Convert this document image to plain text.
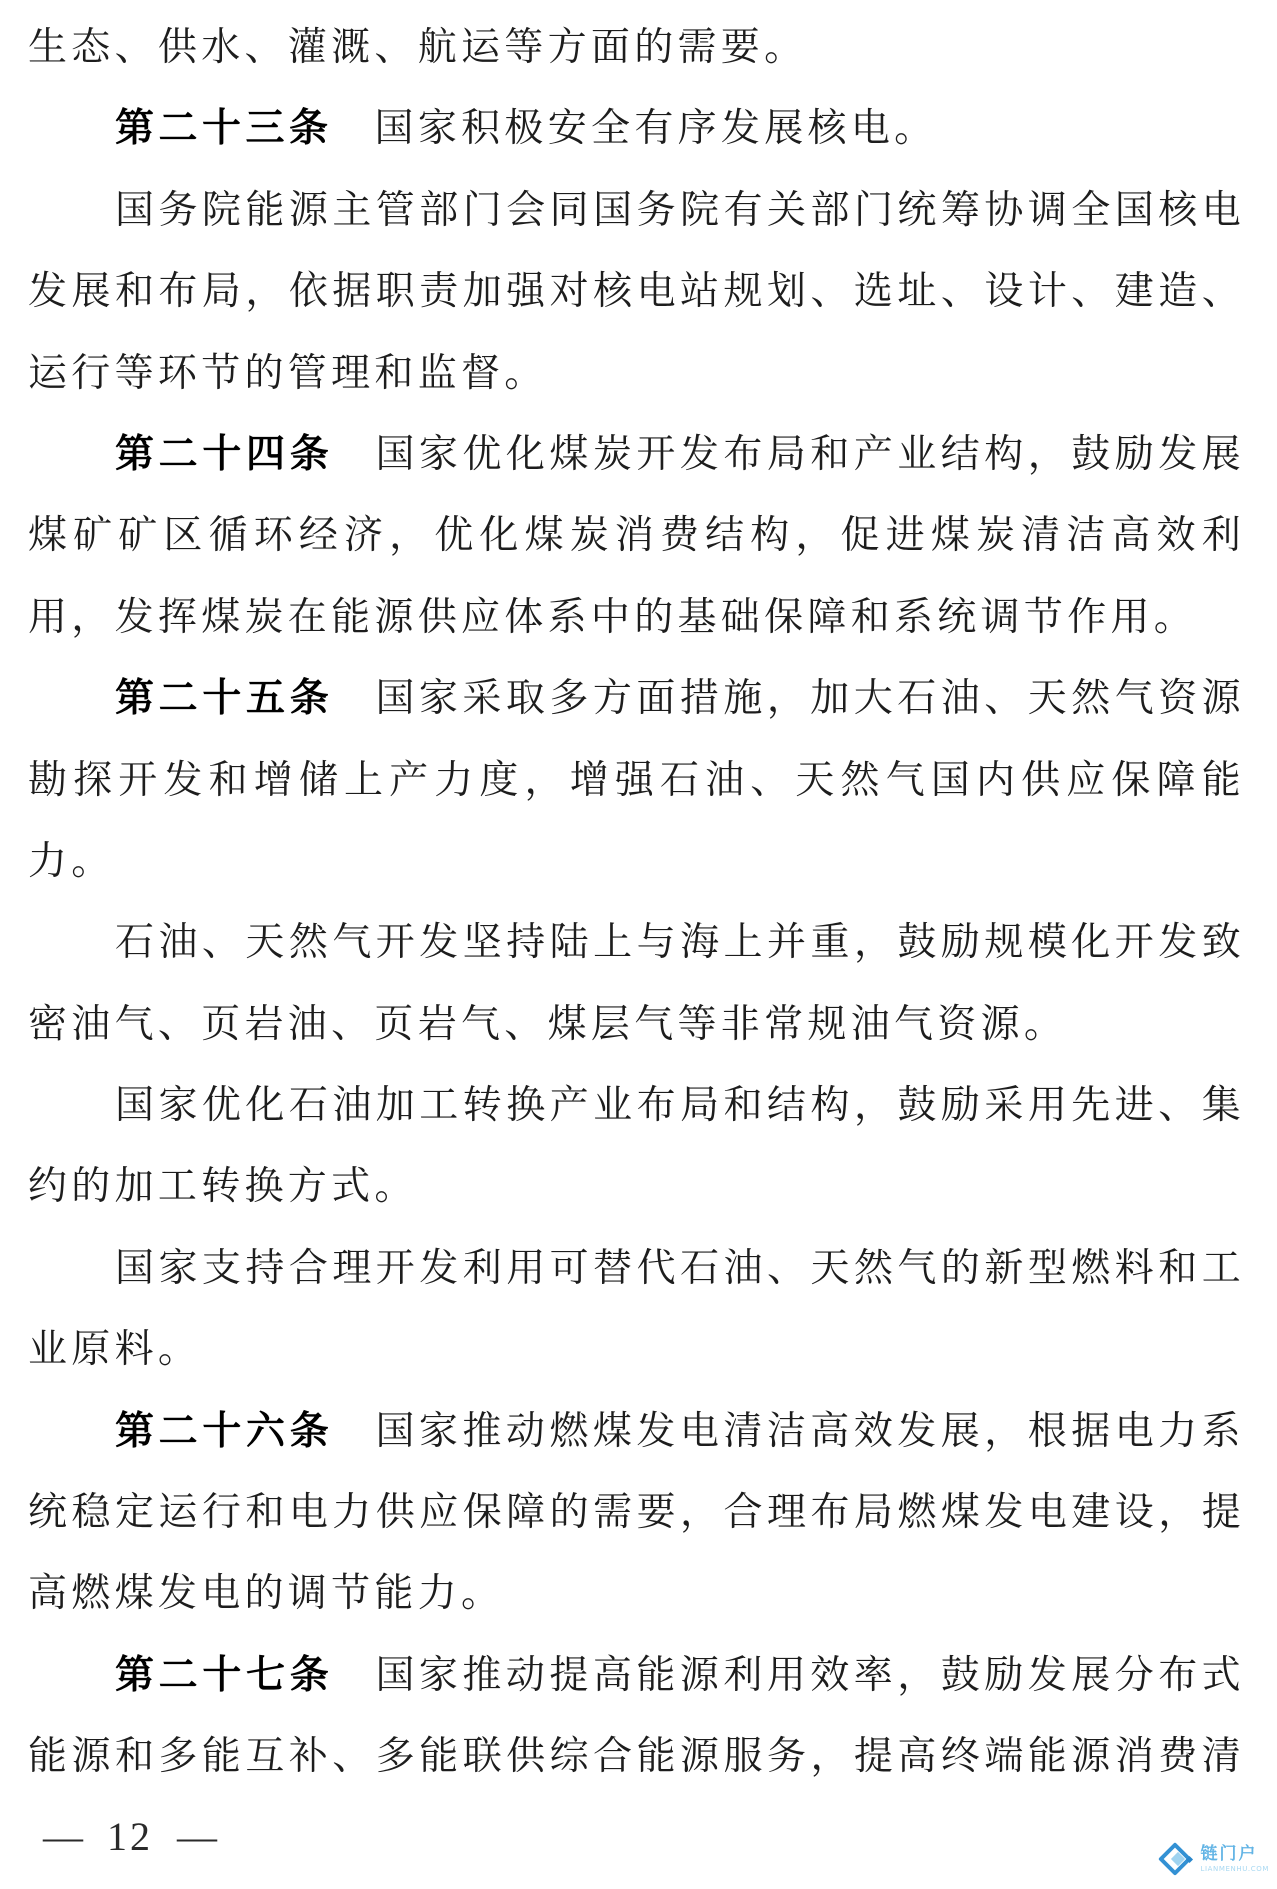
生态、供水、灌溉、航运等方面的需要。
第二十三条 国家积极安全有序发展核电。
国务院能源主管部门会同国务院有关部门统筹协调全国核电
发展和布局，依据职责加强对核电站规划、选址、设计、建造、
运行等环节的管理和监督。
第二十四条 国家优化煤炭开发布局和产业结构，鼓励发展
煤矿矿区循环经济，优化煤炭消费结构，促进煤炭清洁高效利
用，发挥煤炭在能源供应体系中的基础保障和系统调节作用。
第二十五条 国家采取多方面措施，加大石油、天然气资源
勘探开发和增储上产力度，增强石油、天然气国内供应保障能
力。
石油、天然气开发坚持陆上与海上并重，鼓励规模化开发致
密油气、页岩油、页岩气、煤层气等非常规油气资源。
国家优化石油加工转换产业布局和结构，鼓励采用先进、集
约的加工转换方式。
国家支持合理开发利用可替代石油、天然气的新型燃料和工
业原料。
第二十六条 国家推动燃煤发电清洁高效发展，根据电力系
统稳定运行和电力供应保障的需要，合理布局燃煤发电建设，提
高燃煤发电的调节能力。
第二十七条 国家推动提高能源利用效率，鼓励发展分布式
能源和多能互补、多能联供综合能源服务，提高终端能源消费清
— 12 —	链门户
LIANMENHU.COM
